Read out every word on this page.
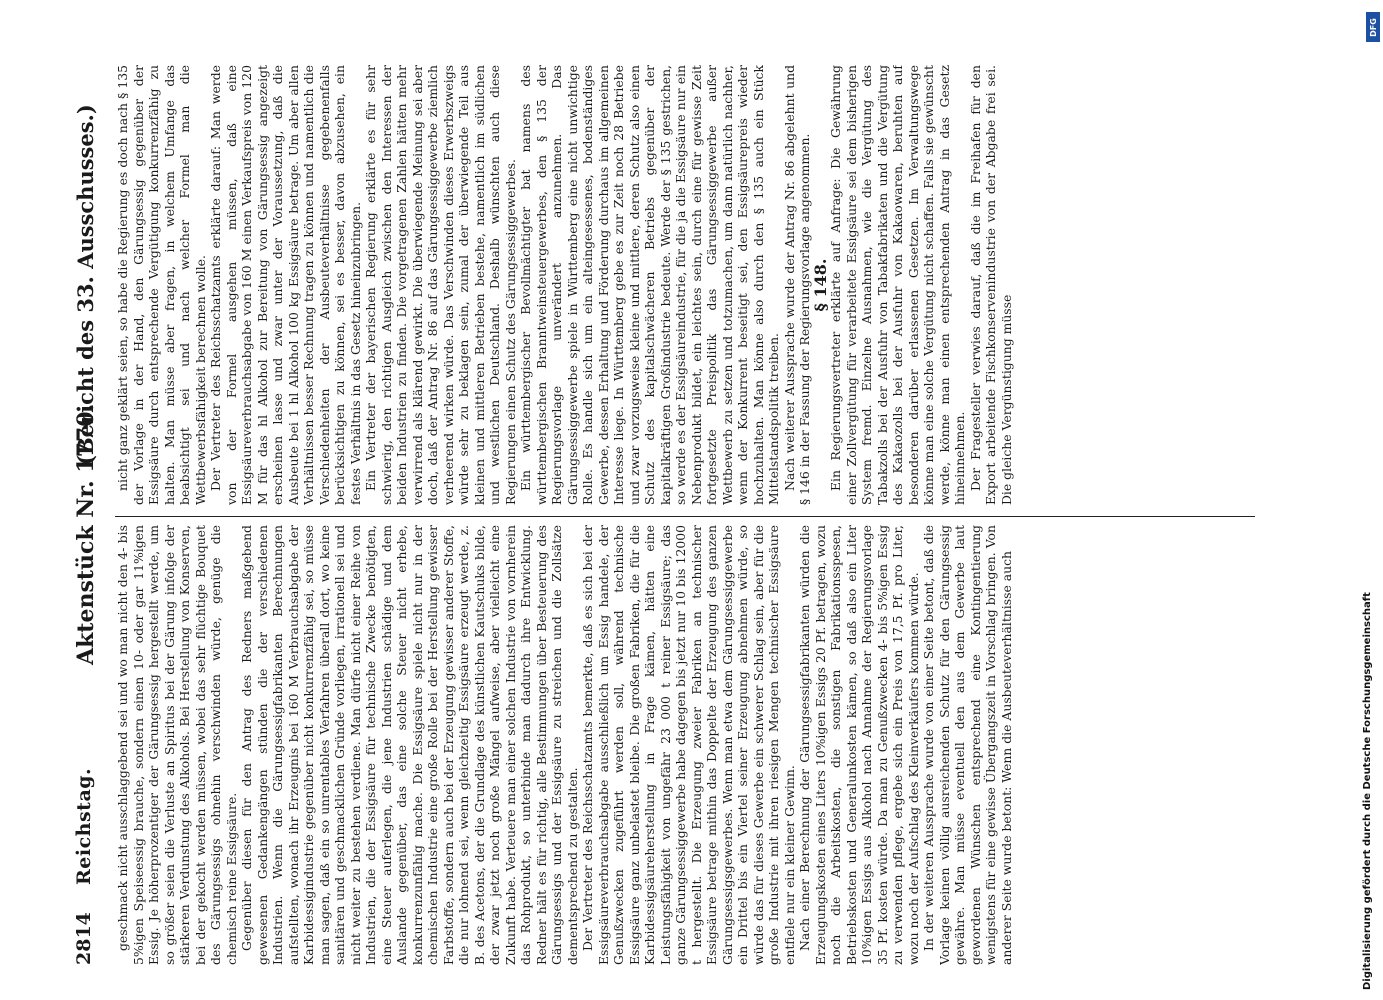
2814
Reichstag.
Aktenstück Nr. 1770.
(Bericht des 33. Ausschusses.)

geschmack nicht ausschlaggebend sei und wo man nicht den 4- bis 5%igen Speiseessig brauche, sondern einen 10- oder gar 11%igen Essig. Je höherprozentiger der Gärungsessig hergestellt werde, um so größer seien die Verluste an Spiritus bei der Gärung infolge der stärkeren Verdunstung des Alkohols. Bei Herstellung von Konserven, bei der gekocht werden müssen, wobei das sehr flüchtige Bouquet des Gärungsessigs ohnehin verschwinden würde, genüge die chemisch reine Essigsäure. Gegenüber diesen für den Antrag des Redners maßgebend gewesenen Gedankengängen stünden die der verschiedenen Industrien. Wenn die Gärungsessigfabrikanten Berechnungen aufstellten, wonach ihr Erzeugnis bei 160 M Verbrauchsabgabe der Karbidessigindustrie gegenüber nicht konkurrenzfähig sei, so müsse man sagen, daß ein so unrentables Verfahren überall dort, wo keine sanitären und geschmacklichen Gründe vorliegen, irrationell sei und nicht weiter zu bestehen verdiene. Man dürfe nicht einer Reihe von Industrien, die der Essigsäure für technische Zwecke benötigten, eine Steuer auferlegen, die jene Industrien schädige und dem Auslande gegenüber, das eine solche Steuer nicht erhebe, konkurrenzunfähig mache. Die Essigsäure spiele nicht nur in der chemischen Industrie eine große Rolle bei der Herstellung gewisser Farbstoffe, sondern auch bei der Erzeugung gewisser anderer Stoffe, die nur lohnend sei, wenn gleichzeitig Essigsäure erzeugt werde, z. B. des Acetons, der die Grundlage des künstlichen Kautschuks bilde, der zwar jetzt noch große Mängel aufweise, aber vielleicht eine Zukunft habe. Verteuere man einer solchen Industrie von vornherein das Rohprodukt, so unterbinde man dadurch ihre Entwicklung. Redner hält es für richtig, alle Bestimmungen über Besteuerung des Gärungsessigs und der Essigsäure zu streichen und die Zollsätze dementsprechend zu gestalten. Der Vertreter des Reichsschatzamts bemerkte, daß es sich bei der Essigsäureverbrauchsabgabe ausschließlich um Essig handele, der Genußzwecken zugeführt werden soll, während technische Essigsäure ganz unbelastet bleibe. Die großen Fabriken, die für die Karbidessigsäureherstellung in Frage kämen, hätten eine Leistungsfähigkeit von ungefähr 23 000 t reiner Essigsäure; das ganze Gärungsessiggewerbe habe dagegen bis jetzt nur 10 bis 12000 t hergestellt. Die Erzeugung zweier Fabriken an technischer Essigsäure betrage mithin das Doppelte der Erzeugung des ganzen Gärungsessigsgewerbes. Wenn man etwa dem Gärungsessiggewerbe ein Drittel bis ein Viertel seiner Erzeugung abnehmen würde, so würde das für dieses Gewerbe ein schwerer Schlag sein, aber für die große Industrie mit ihren riesigen Mengen technischer Essigsäure entfiele nur ein kleiner Gewinn. Nach einer Berechnung der Gärungsessigfabrikanten würden die Erzeugungskosten eines Liters 10%igen Essigs 20 Pf. betragen, wozu noch die Arbeitskosten, die sonstigen Fabrikationsspesen, Betriebskosten und Generalunkosten kämen, so daß also ein Liter 10%igen Essigs aus Alkohol nach Annahme der Regierungsvorlage 35 Pf. kosten würde. Da man zu Genußzwecken 4- bis 5%igen Essig zu verwenden pflege, ergebe sich ein Preis von 17,5 Pf. pro Liter, wozu noch der Aufschlag des Kleinverkäufers kommen würde. In der weiteren Aussprache wurde von einer Seite betont, daß die Vorlage keinen völlig ausreichenden Schutz für den Gärungsessig gewähre. Man müsse eventuell den aus dem Gewerbe laut gewordenen Wünschen entsprechend eine Kontingentierung wenigstens für eine gewisse Übergangszeit in Vorschlag bringen. Von anderer Seite wurde betont: Wenn die Ausbeuteverhältnisse auch

nicht ganz geklärt seien, so habe die Regierung es doch nach § 135 der Vorlage in der Hand, den Gärungsessig gegenüber der Essigsäure durch entsprechende Vergütigung konkurrenzfähig zu halten. Man müsse aber fragen, in welchem Umfange das beabsichtigt sei und nach welcher Formel man die Wettbewerbsfähigkeit berechnen wolle. Der Vertreter des Reichsschatzamts erklärte darauf: Man werde von der Formel ausgehen müssen, daß eine Essigsäureverbrauchsabgabe von 160 M einen Verkaufspreis von 120 M für das hl Alkohol zur Bereitung von Gärungsessig angezeigt erscheinen lasse und zwar unter der Voraussetzung, daß die Ausbeute bei 1 hl Alkohol 100 kg Essigsäure betrage. Um aber allen Verhältnissen besser Rechnung tragen zu können und namentlich die Verschiedenheiten der Ausbeuteverhältnisse gegebenenfalls berücksichtigen zu können, sei es besser, davon abzusehen, ein festes Verhältnis in das Gesetz hineinzubringen. Ein Vertreter der bayerischen Regierung erklärte es für sehr schwierig, den richtigen Ausgleich zwischen den Interessen der beiden Industrien zu finden. Die vorgetragenen Zahlen hätten mehr verwirrend als klärend gewirkt. Die überwiegende Meinung sei aber doch, daß der Antrag Nr. 86 auf das Gärungsessiggewerbe ziemlich verheerend wirken würde. Das Verschwinden dieses Erwerbszweigs würde sehr zu beklagen sein, zumal der überwiegende Teil aus kleinen und mittleren Betrieben bestehe, namentlich im südlichen und westlichen Deutschland. Deshalb wünschten auch diese Regierungen einen Schutz des Gärungsessiggewerbes. Ein württembergischer Bevollmächtigter bat namens des württembergischen Branntweinsteuergewerbes, den § 135 der Regierungsvorlage unverändert anzunehmen. Das Gärungsessiggewerbe spiele in Württemberg eine nicht unwichtige Rolle. Es handle sich um ein alteingesessenes, bodenständiges Gewerbe, dessen Erhaltung und Förderung durchaus im allgemeinen Interesse liege. In Württemberg gebe es zur Zeit noch 28 Betriebe und zwar vorzugsweise kleine und mittlere, deren Schutz also einen Schutz des kapitalschwächeren Betriebs gegenüber der kapitalkräftigen Großindustrie bedeute. Werde der § 135 gestrichen, so werde es der Essigsäureindustrie, für die ja die Essigsäure nur ein Nebenprodukt bildet, ein leichtes sein, durch eine für gewisse Zeit fortgesetzte Preispolitik das Gärungsessiggewerbe außer Wettbewerb zu setzen und totzumachen, um dann natürlich nachher, wenn der Konkurrent beseitigt sei, den Essigsäurepreis wieder hochzuhalten. Man könne also durch den § 135 auch ein Stück Mittelstandspolitik treiben. Nach weiterer Aussprache wurde der Antrag Nr. 86 abgelehnt und § 146 in der Fassung der Regierungsvorlage angenommen.

§ 148.

Ein Regierungsvertreter erklärte auf Anfrage: Die Gewährung einer Zollvergütung für verarbeitete Essigsäure sei dem bisherigen System fremd. Einzelne Ausnahmen, wie die Vergütung des Tabakzolls bei der Ausfuhr von Tabakfabrikaten und die Vergütung des Kakaozolls bei der Ausfuhr von Kakaowaren, beruhten auf besonderen darüber erlassenen Gesetzen. Im Verwaltungswege könne man eine solche Vergütung nicht schaffen. Falls sie gewünscht werde, könne man einen entsprechenden Antrag in das Gesetz hineinnehmen. Der Fragesteller verwies darauf, daß die im Freihafen für den Export arbeitende Fischkonservenindustrie von der Abgabe frei sei. Die gleiche Vergünstigung müsse

Digitalisierung gefördert durch die Deutsche Forschungsgemeinschaft
DFG
